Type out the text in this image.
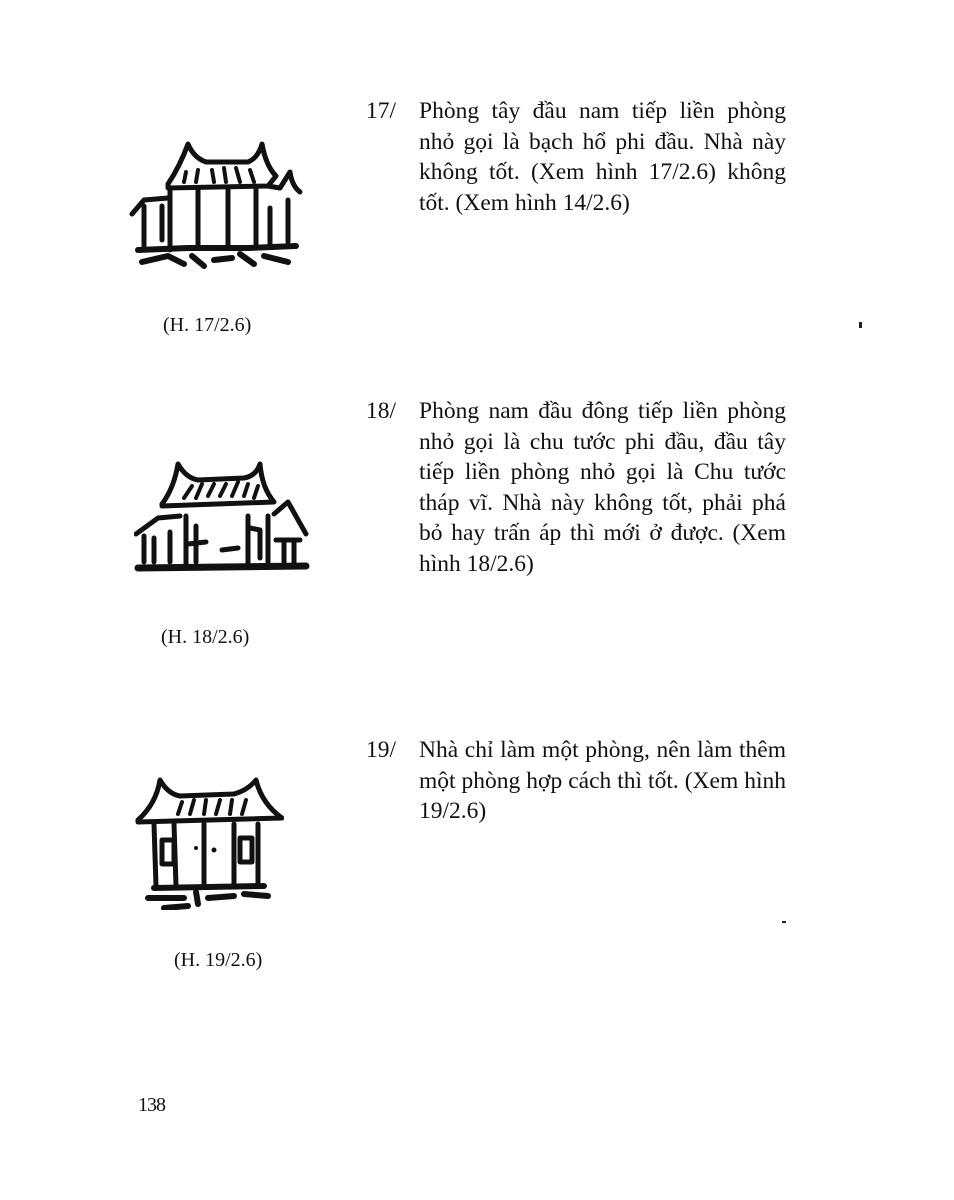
(H. 17/2.6)
17/ Phòng tây đầu nam tiếp liền phòng nhỏ gọi là bạch hổ phi đầu. Nhà này không tốt. (Xem hình 17/2.6) không tốt. (Xem hình 14/2.6)
(H. 18/2.6)
18/ Phòng nam đầu đông tiếp liền phòng nhỏ gọi là chu tước phi đầu, đầu tây tiếp liền phòng nhỏ gọi là Chu tước tháp vĩ. Nhà này không tốt, phải phá bỏ hay trấn áp thì mới ở được. (Xem hình 18/2.6)
(H. 19/2.6)
19/ Nhà chỉ làm một phòng, nên làm thêm một phòng hợp cách thì tốt. (Xem hình 19/2.6)
138
